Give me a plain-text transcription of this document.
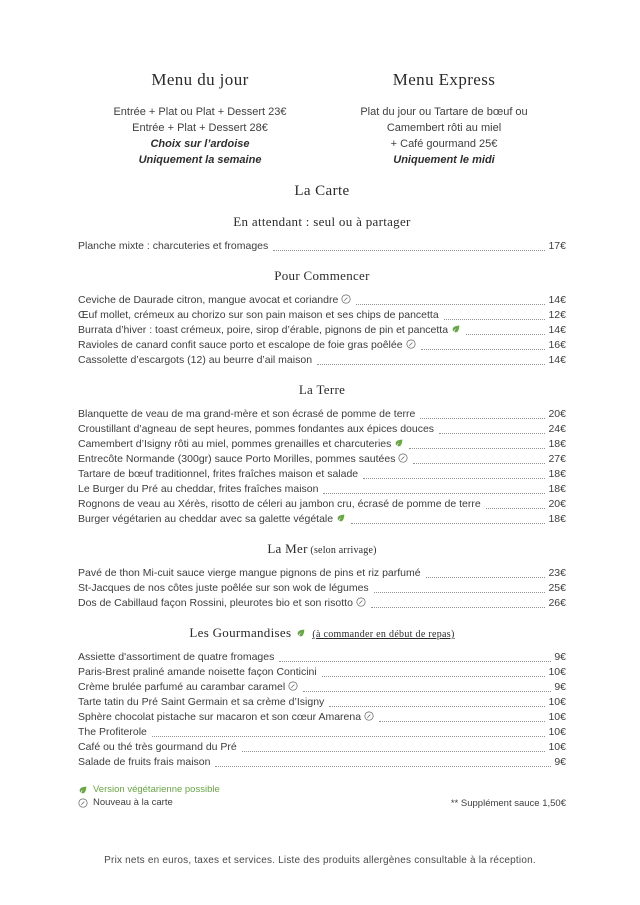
Menu du jour
Entrée + Plat ou Plat + Dessert 23€
Entrée + Plat + Dessert 28€
Choix sur l’ardoise
Uniquement la semaine
Menu Express
Plat du jour ou Tartare de bœuf ou
Camembert rôti au miel
+ Café gourmand 25€
Uniquement le midi
La Carte
En attendant : seul ou à partager
Planche mixte : charcuteries et fromages	17€
Pour Commencer
Ceviche de Daurade citron, mangue avocat et coriandre	14€
Œuf mollet, crémeux au chorizo sur son pain maison et ses chips de pancetta	12€
Burrata d’hiver : toast crémeux, poire, sirop d’érable, pignons de pin et pancetta	14€
Ravioles de canard confit sauce porto et escalope de foie gras poêlée	16€
Cassolette d’escargots (12) au beurre d’ail maison	14€
La Terre
Blanquette de veau de ma grand-mère et son écrasé de pomme de terre	20€
Croustillant d’agneau de sept heures, pommes fondantes aux épices douces	24€
Camembert d’Isigny rôti au miel, pommes grenailles et charcuteries	18€
Entrecôte Normande (300gr) sauce Porto Morilles, pommes sautées	27€
Tartare de bœuf traditionnel, frites fraîches maison et salade	18€
Le Burger du Pré au cheddar, frites fraîches maison	18€
Rognons de veau au Xérès, risotto de céleri au jambon cru, écrasé de pomme de terre	20€
Burger végétarien au cheddar avec sa galette végétale	18€
La Mer (selon arrivage)
Pavé de thon Mi-cuit sauce vierge mangue pignons de pins et riz parfumé	23€
St-Jacques de nos côtes juste poêlée sur son wok de légumes	25€
Dos de Cabillaud façon Rossini, pleurotes bio et son risotto	26€
Les Gourmandises (à commander en début de repas)
Assiette d'assortiment de quatre fromages	9€
Paris-Brest praliné amande noisette façon Conticini	10€
Crème brulée parfumé au carambar caramel	9€
Tarte tatin du Pré Saint Germain et sa crème d’Isigny	10€
Sphère chocolat pistache sur macaron et son cœur Amarena	10€
The Profiterole	10€
Café ou thé très gourmand du Pré	10€
Salade de fruits frais maison	9€
Version végétarienne possible
Nouveau à la carte	** Supplément sauce 1,50€
Prix nets en euros, taxes et services. Liste des produits allergènes consultable à la réception.
